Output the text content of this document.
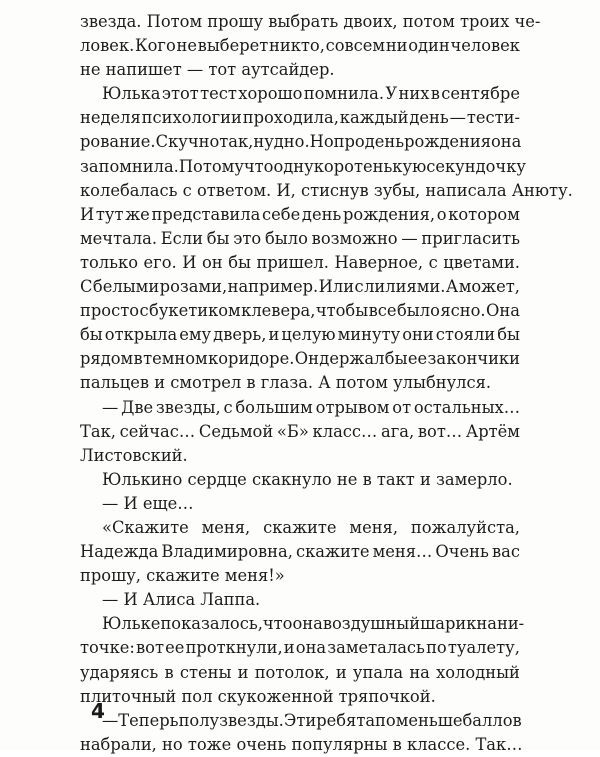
звезда. Потом прошу выбрать двоих, потом троих че-
ловек. Кого не выберет никто, совсем ни один человек
не напишет — тот аутсайдер.
Юлька этот тест хорошо помнила. У них в сентябре
неделя психологии проходила, каждый день — тести-
рование. Скучно так, нудно. Но про день рождения она
запомнила. Потому что одну коротенькую секундочку
колебалась с ответом. И, стиснув зубы, написала Анюту.
И тут же представила себе день рождения, о котором
мечтала. Если бы это было возможно — пригласить
только его. И он бы пришел. Наверное, с цветами.
С белыми розами, например. Или с лилиями. А может,
просто с букетиком клевера, чтобы все было ясно. Она
бы открыла ему дверь, и целую минуту они стояли бы
рядом в темном коридоре. Он держал бы ее за кончики
пальцев и смотрел в глаза. А потом улыбнулся.
— Две звезды, с большим отрывом от остальных…
Так, сейчас… Седьмой «Б» класс… ага, вот… Артём
Листовский.
Юлькино сердце скакнуло не в такт и замерло.
— И еще…
«Скажите меня, скажите меня, пожалуйста,
Надежда Владимировна, скажите меня… Очень вас
прошу, скажите меня!»
— И Алиса Лаппа.
Юльке показалось, что она воздушный шарик на ни-
точке: вот ее проткнули, и она заметалась по туалету,
ударяясь в стены и потолок, и упала на холодный
плиточный пол скукоженной тряпочкой.
— Теперь полузвезды. Эти ребята поменьше баллов
набрали, но тоже очень популярны в классе. Так…
4
